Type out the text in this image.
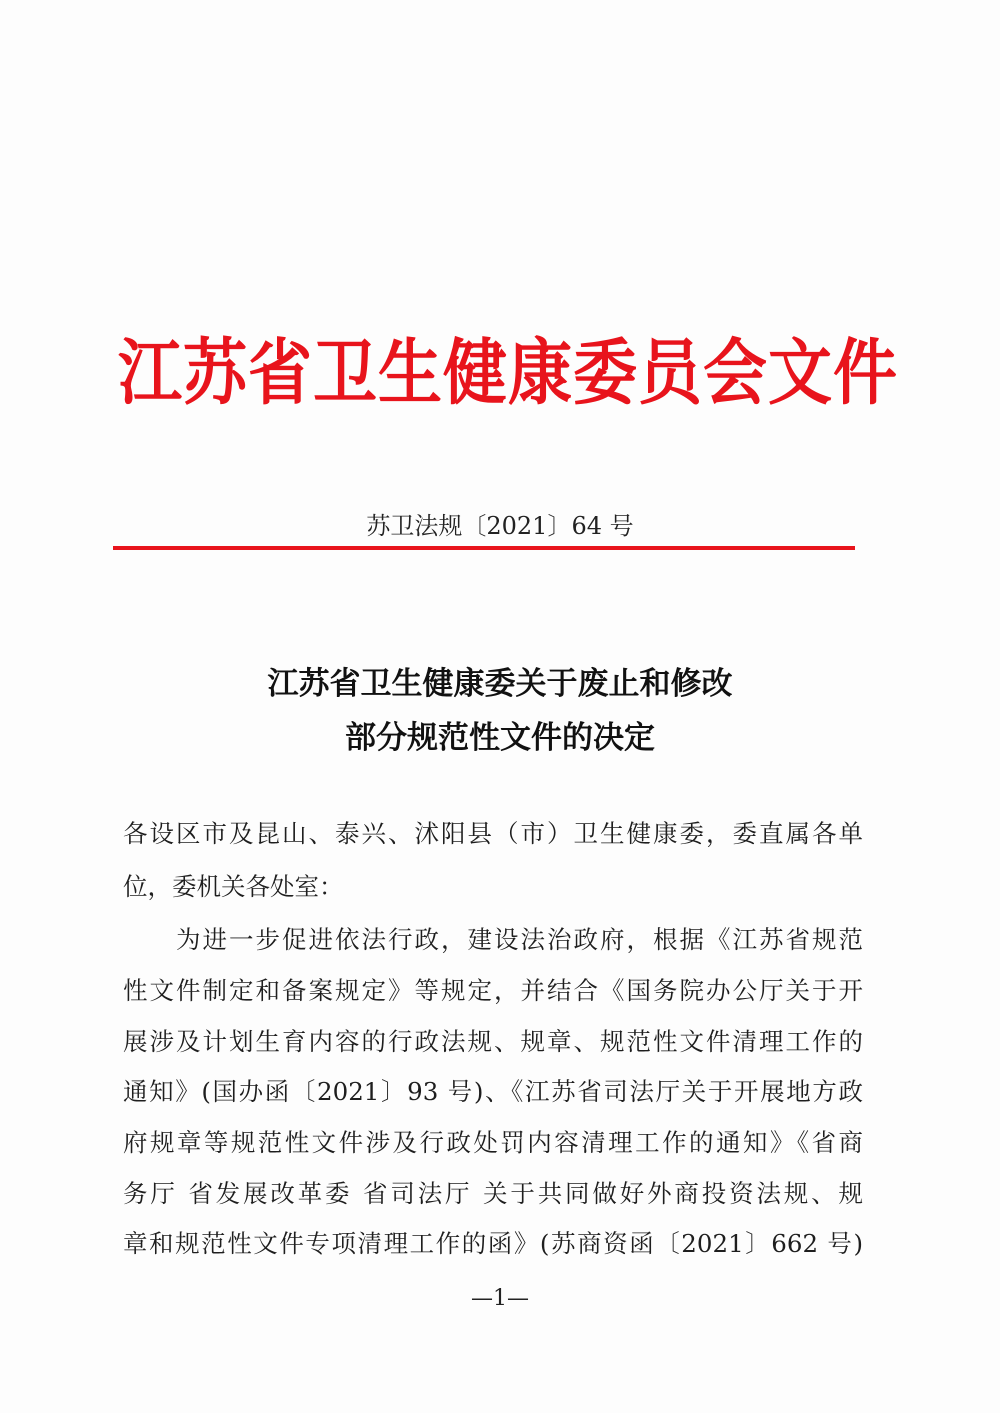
江苏省卫生健康委员会文件
苏卫法规〔2021〕64 号
江苏省卫生健康委关于废止和修改
部分规范性文件的决定
各设区市及昆山、泰兴、沭阳县（市）卫生健康委，委直属各单
位，委机关各处室：
为进一步促进依法行政，建设法治政府，根据《江苏省规范
性文件制定和备案规定》等规定，并结合《国务院办公厅关于开
展涉及计划生育内容的行政法规、规章、规范性文件清理工作的
通知》(国办函〔2021〕93 号)、《江苏省司法厅关于开展地方政
府规章等规范性文件涉及行政处罚内容清理工作的通知》《省商
务厅 省发展改革委 省司法厅 关于共同做好外商投资法规、规
章和规范性文件专项清理工作的函》(苏商资函〔2021〕662 号)
—1—
